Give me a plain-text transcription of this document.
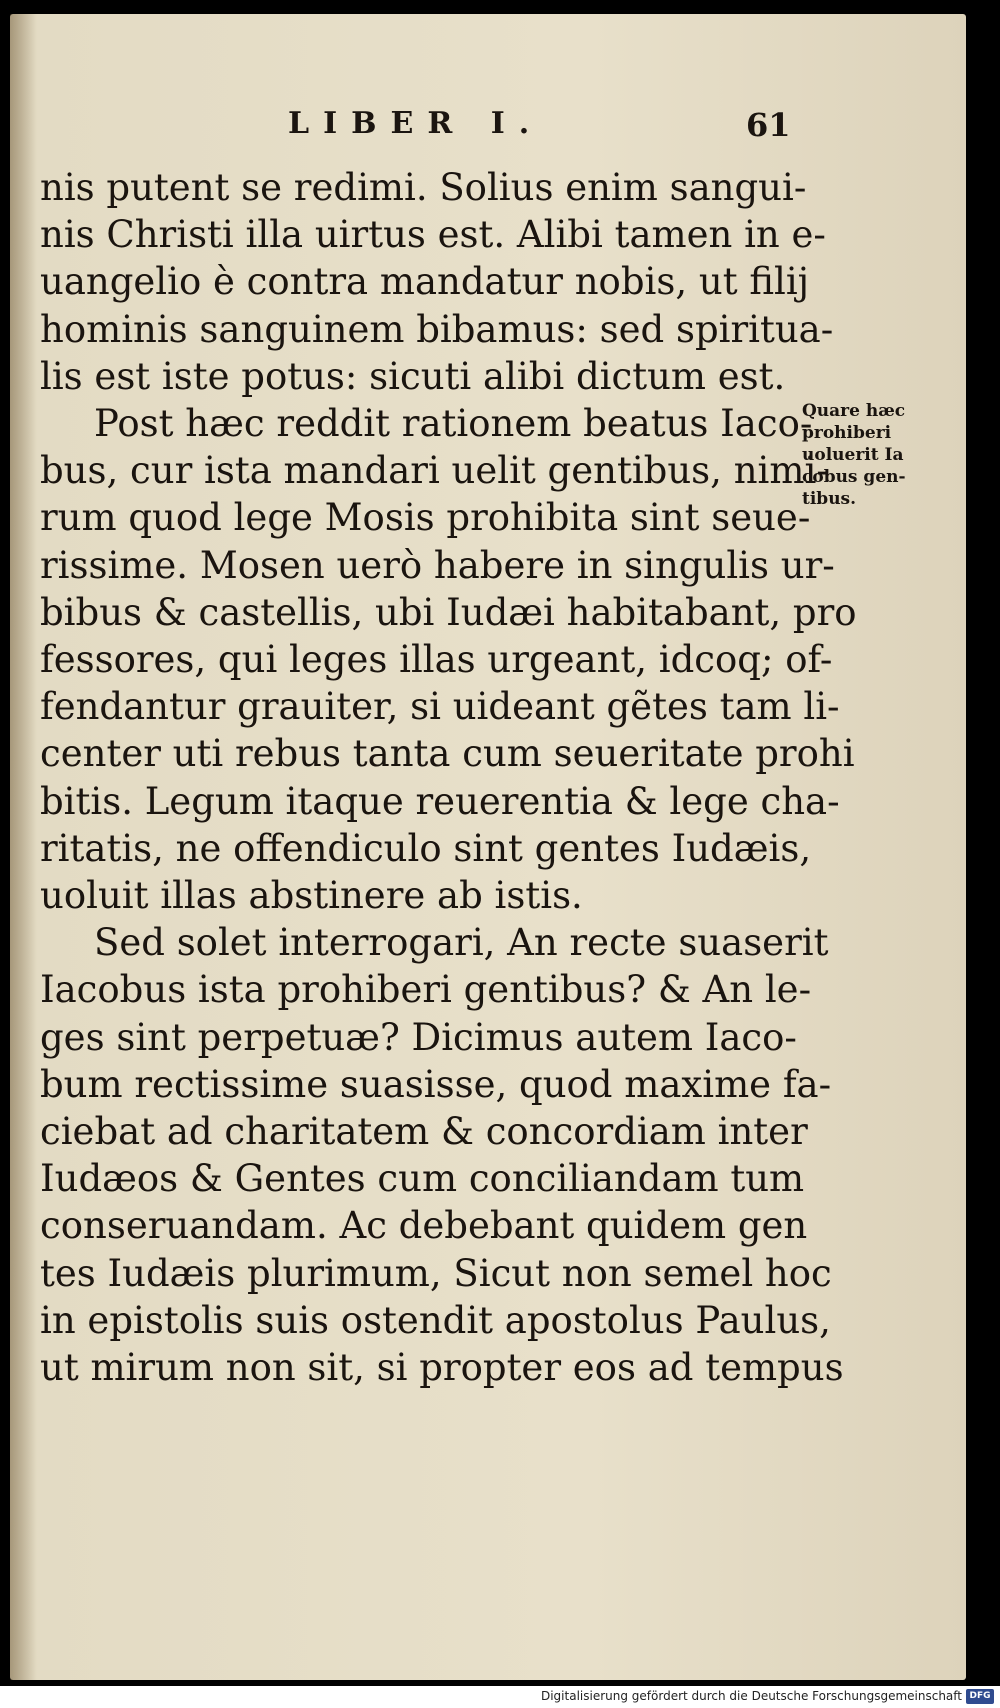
LIBER I.	61
nis putent se redimi. Solius enim sangui-
nis Christi illa uirtus est. Alibi tamen in e-
uangelio è contra mandatur nobis, ut filij
hominis sanguinem bibamus: sed spiritua-
lis est iste potus: sicuti alibi dictum est.
Post hæc reddit rationem beatus Iaco-
bus, cur ista mandari uelit gentibus, nimi-
rum quod lege Mosis prohibita sint seue-
rissime. Mosen uerò habere in singulis ur-
bibus & castellis, ubi Iudæi habitabant, pro
fessores, qui leges illas urgeant, idcoq; of-
fendantur grauiter, si uideant gẽtes tam li-
center uti rebus tanta cum seueritate prohi
bitis. Legum itaque reuerentia & lege cha-
ritatis, ne offendiculo sint gentes Iudæis,
uoluit illas abstinere ab istis.
Sed solet interrogari, An recte suaserit
Iacobus ista prohiberi gentibus? & An le-
ges sint perpetuæ? Dicimus autem Iaco-
bum rectissime suasisse, quod maxime fa-
ciebat ad charitatem & concordiam inter
Iudæos & Gentes cum conciliandam tum
conseruandam. Ac debebant quidem gen
tes Iudæis plurimum, Sicut non semel hoc
in epistolis suis ostendit apostolus Paulus,
ut mirum non sit, si propter eos ad tempus
Quare hæc
prohiberi
uoluerit Ia
cobus gen-
tibus.
Digitalisierung gefördert durch die Deutsche Forschungsgemeinschaft DFG
